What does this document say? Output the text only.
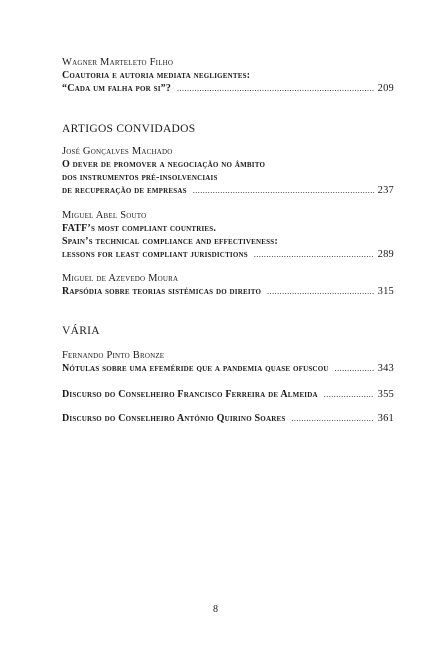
Wagner Marteleto Filho

Coautoria e autoria mediata negligentes:

“Cada um falha por si”? .....	209

ARTIGOS CONVIDADOS

José Gonçalves Machado

O dever de promover a negociação no âmbito

dos instrumentos pré-insolvenciais

de recuperação de empresas .....	237

Miguel Abel Souto

FATF’s most compliant countries.

Spain’s technical compliance and effectiveness:

lessons for least compliant jurisdictions .....	289

Miguel de Azevedo Moura

Rapsódia sobre teorias sistémicas do direito .....	315

VÁRIA

Fernando Pinto Bronze

Nótulas sobre uma efeméride que a pandemia quase ofuscou .....	343
Discurso do Conselheiro Francisco Ferreira de Almeida .....	355
Discurso do Conselheiro António Quirino Soares .....	361
8
